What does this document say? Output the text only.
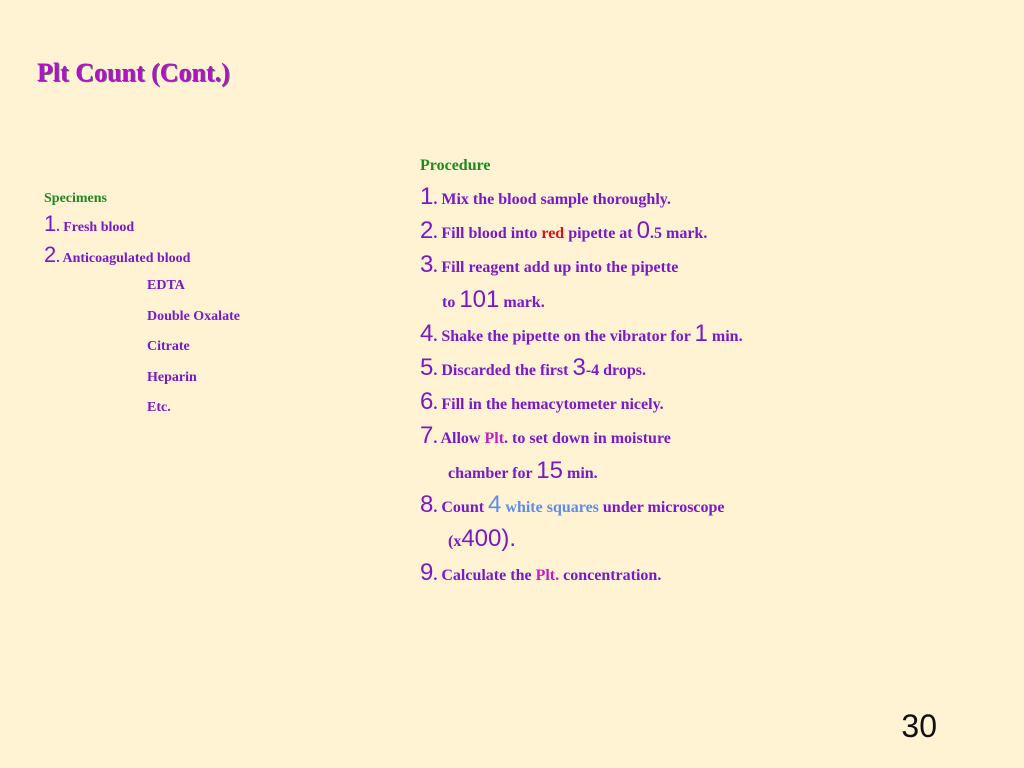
Plt Count (Cont.)
Specimens
1. Fresh blood
2. Anticoagulated blood
EDTA
Double Oxalate
Citrate
Heparin
Etc.
Procedure
1. Mix the blood sample thoroughly.
2. Fill blood into red pipette at 0.5 mark.
3. Fill reagent add up into the pipette
to 101 mark.
4. Shake the pipette on the vibrator for 1 min.
5. Discarded the first 3-4 drops.
6. Fill in the hemacytometer nicely.
7. Allow Plt. to set down in moisture
chamber for 15 min.
8. Count 4 white squares under microscope
(x400).
9. Calculate the Plt. concentration.
30
